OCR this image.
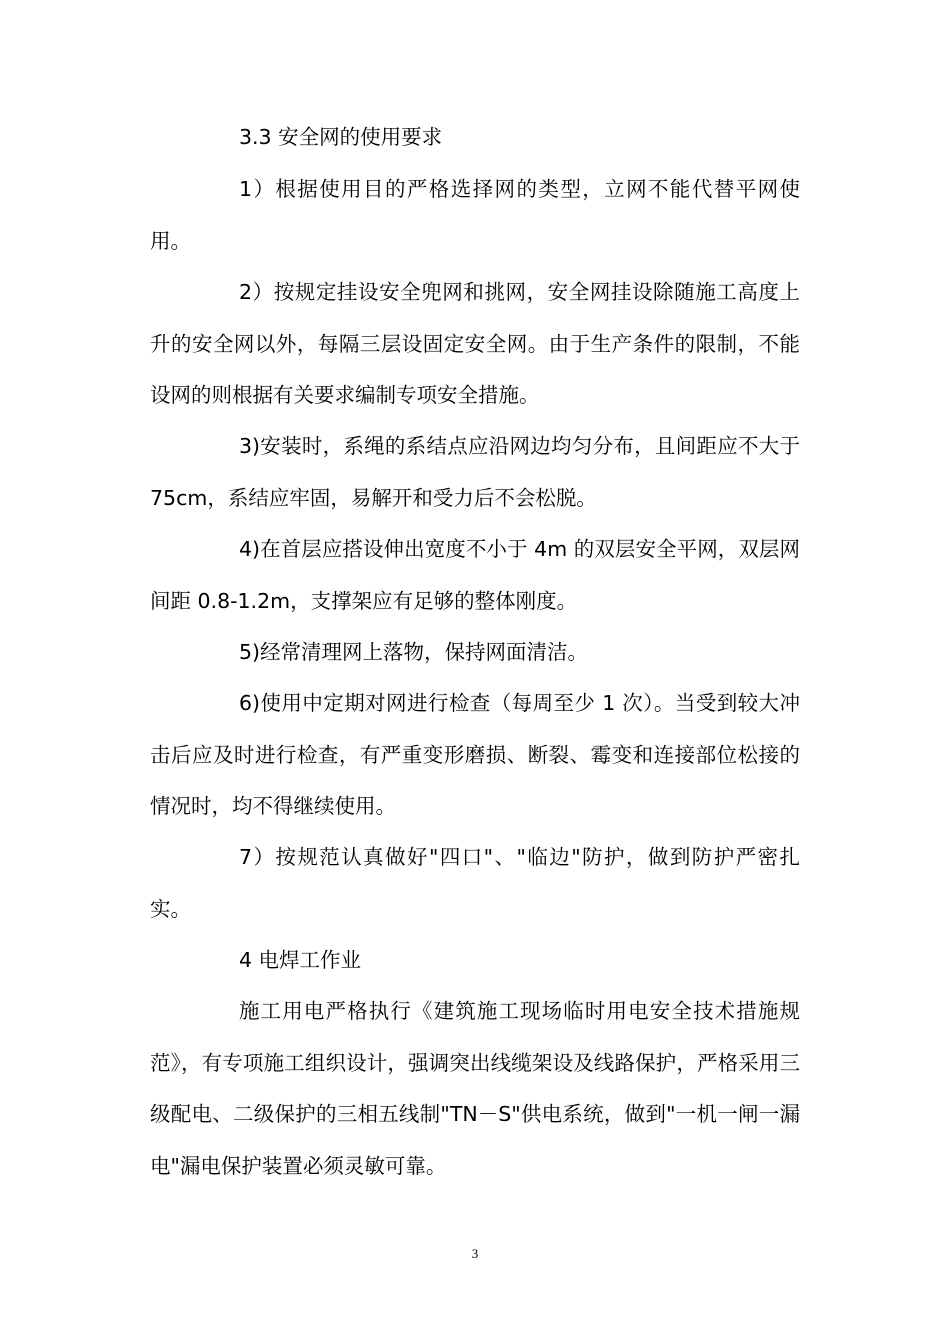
3.3 安全网的使用要求

1）根据使用目的严格选择网的类型，立网不能代替平网使用。

2）按规定挂设安全兜网和挑网，安全网挂设除随施工高度上升的安全网以外，每隔三层设固定安全网。由于生产条件的限制，不能设网的则根据有关要求编制专项安全措施。

3)安装时，系绳的系结点应沿网边均匀分布，且间距应不大于 75cm，系结应牢固，易解开和受力后不会松脱。

4)在首层应搭设伸出宽度不小于 4m 的双层安全平网，双层网间距 0.8-1.2m，支撑架应有足够的整体刚度。

5)经常清理网上落物，保持网面清洁。

6)使用中定期对网进行检查（每周至少 1 次）。当受到较大冲击后应及时进行检查，有严重变形磨损、断裂、霉变和连接部位松接的情况时，均不得继续使用。

7）按规范认真做好"四口"、"临边"防护，做到防护严密扎实。

4 电焊工作业

施工用电严格执行《建筑施工现场临时用电安全技术措施规范》，有专项施工组织设计，强调突出线缆架设及线路保护，严格采用三级配电、二级保护的三相五线制"TN－S"供电系统，做到"一机一闸一漏电"漏电保护装置必须灵敏可靠。

3
